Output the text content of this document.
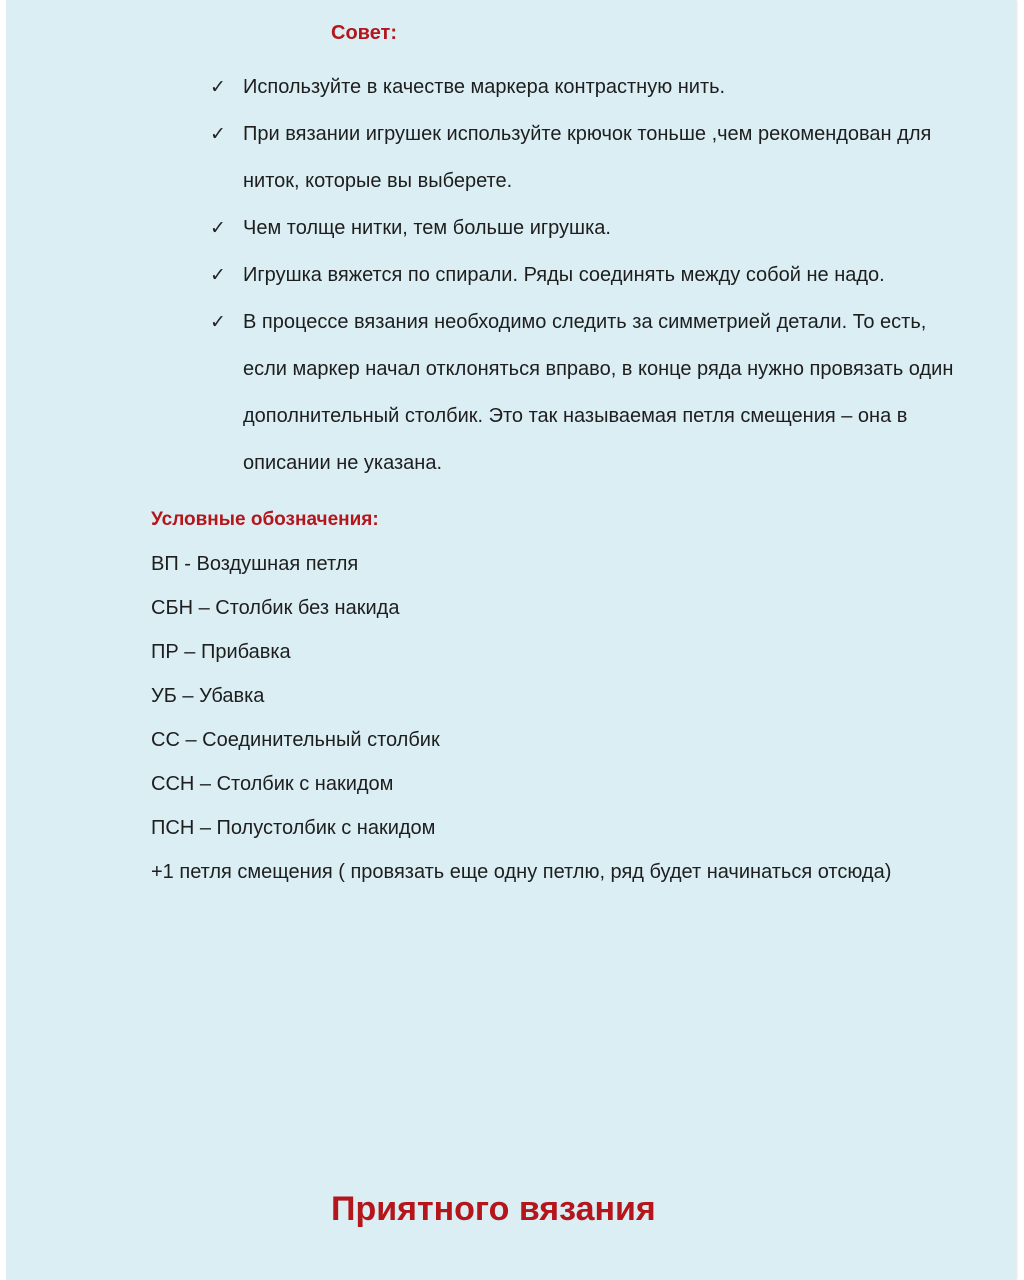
Совет:
✓ Используйте в качестве маркера контрастную нить.
✓ При вязании игрушек используйте крючок тоньше ,чем рекомендован для ниток, которые вы выберете.
✓ Чем толще нитки, тем больше игрушка.
✓ Игрушка вяжется по спирали. Ряды соединять между собой не надо.
✓ В процессе вязания необходимо следить за симметрией детали. То есть, если маркер начал отклоняться вправо, в конце ряда нужно провязать один дополнительный столбик. Это так называемая петля смещения – она в описании не указана.
Условные обозначения:
ВП - Воздушная петля
СБН – Столбик без накида
ПР – Прибавка
УБ – Убавка
СС – Соединительный столбик
ССН – Столбик с накидом
ПСН – Полустолбик с накидом
+1 петля смещения ( провязать еще одну петлю, ряд будет начинаться отсюда)
Приятного вязания
